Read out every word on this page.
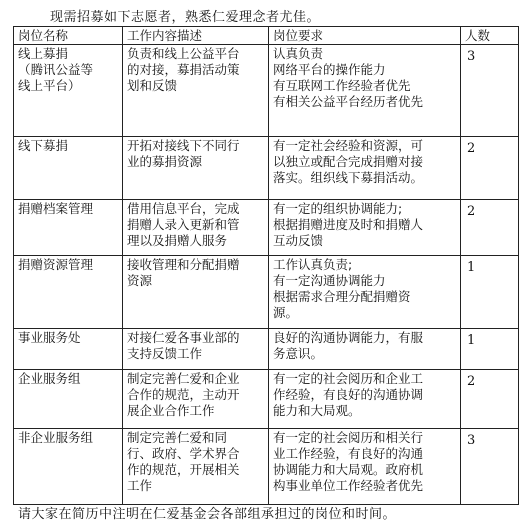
现需招募如下志愿者，熟悉仁爱理念者尤佳。
岗位名称	工作内容描述	岗位要求	人数
线上募捐
（腾讯公益等
线上平台）	负责和线上公益平台
的对接，募捐活动策
划和反馈	认真负责
网络平台的操作能力
有互联网工作经验者优先
有相关公益平台经历者优先	3
线下募捐	开拓对接线下不同行
业的募捐资源	有一定社会经验和资源，可
以独立或配合完成捐赠对接
落实。组织线下募捐活动。	2
捐赠档案管理	借用信息平台，完成
捐赠人录入更新和管
理以及捐赠人服务	有一定的组织协调能力;
根据捐赠进度及时和捐赠人
互动反馈	2
捐赠资源管理	接收管理和分配捐赠
资源	工作认真负责;
有一定沟通协调能力
根据需求合理分配捐赠资
源。	1
事业服务处	对接仁爱各事业部的
支持反馈工作	良好的沟通协调能力，有服
务意识。	1
企业服务组	制定完善仁爱和企业
合作的规范，主动开
展企业合作工作	有一定的社会阅历和企业工
作经验，有良好的沟通协调
能力和大局观。	2
非企业服务组	制定完善仁爱和同
行、政府、学术界合
作的规范，开展相关
工作	有一定的社会阅历和相关行
业工作经验，有良好的沟通
协调能力和大局观。政府机
构事业单位工作经验者优先	3
请大家在简历中注明在仁爱基金会各部组承担过的岗位和时间。
